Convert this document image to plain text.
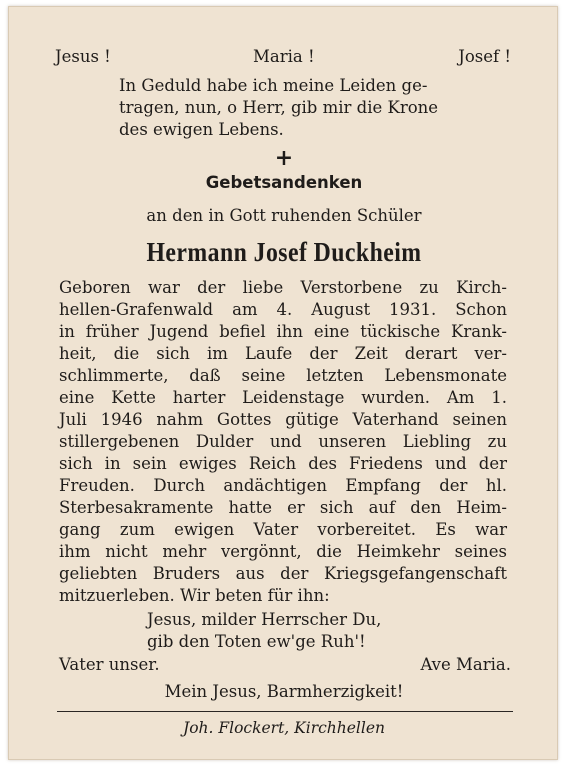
Jesus !	Maria !	Josef !
In Geduld habe ich meine Leiden ge-
tragen, nun, o Herr, gib mir die Krone
des ewigen Lebens.
+
Gebetsandenken
an den in Gott ruhenden Schüler
Hermann Josef Duckheim
Geboren war der liebe Verstorbene zu Kirch-
hellen-Grafenwald am 4. August 1931. Schon
in früher Jugend befiel ihn eine tückische Krank-
heit, die sich im Laufe der Zeit derart ver-
schlimmerte, daß seine letzten Lebensmonate
eine Kette harter Leidenstage wurden. Am 1.
Juli 1946 nahm Gottes gütige Vaterhand seinen
stillergebenen Dulder und unseren Liebling zu
sich in sein ewiges Reich des Friedens und der
Freuden. Durch andächtigen Empfang der hl.
Sterbesakramente hatte er sich auf den Heim-
gang zum ewigen Vater vorbereitet. Es war
ihm nicht mehr vergönnt, die Heimkehr seines
geliebten Bruders aus der Kriegsgefangenschaft
mitzuerleben. Wir beten für ihn:
Jesus, milder Herrscher Du,
gib den Toten ew'ge Ruh'!
Vater unser.	Ave Maria.
Mein Jesus, Barmherzigkeit!
Joh. Flockert, Kirchhellen
